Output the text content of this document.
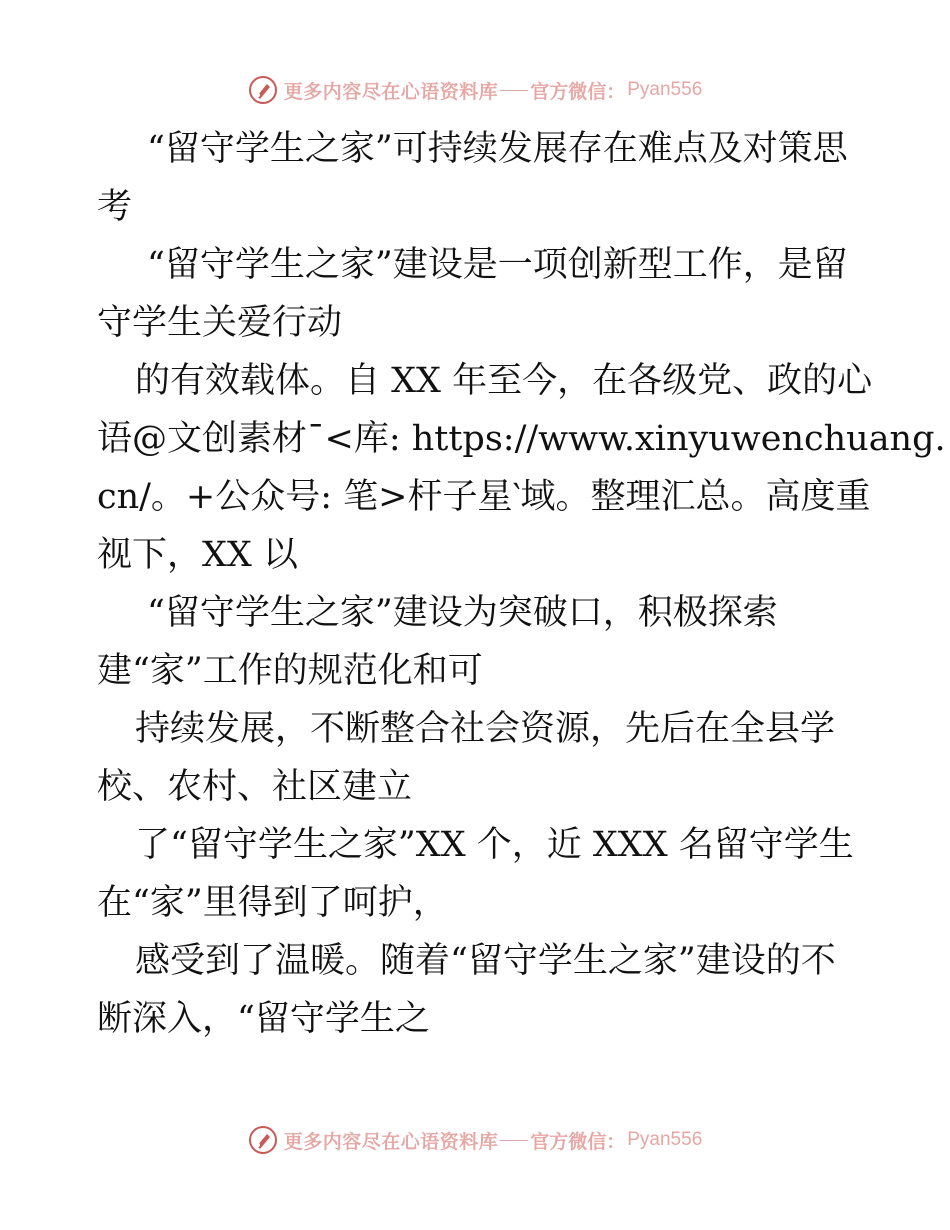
更多内容尽在心语资料库 官方微信： Pyan556
“留守学生之家”可持续发展存在难点及对策思
考
“留守学生之家”建设是一项创新型工作，是留
守学生关爱行动
的有效载体。自 XX 年至今，在各级党、政的心
语@文创素材¯<库: https://www.xinyuwenchuang.
cn/。+公众号: 笔>杆子星‵域。整理汇总。高度重
视下，XX 以
“留守学生之家”建设为突破口，积极探索
建“家”工作的规范化和可
持续发展，不断整合社会资源，先后在全县学
校、农村、社区建立
了“留守学生之家”XX 个，近 XXX 名留守学生
在“家”里得到了呵护，
感受到了温暖。随着“留守学生之家”建设的不
断深入，“留守学生之
更多内容尽在心语资料库 官方微信： Pyan556
